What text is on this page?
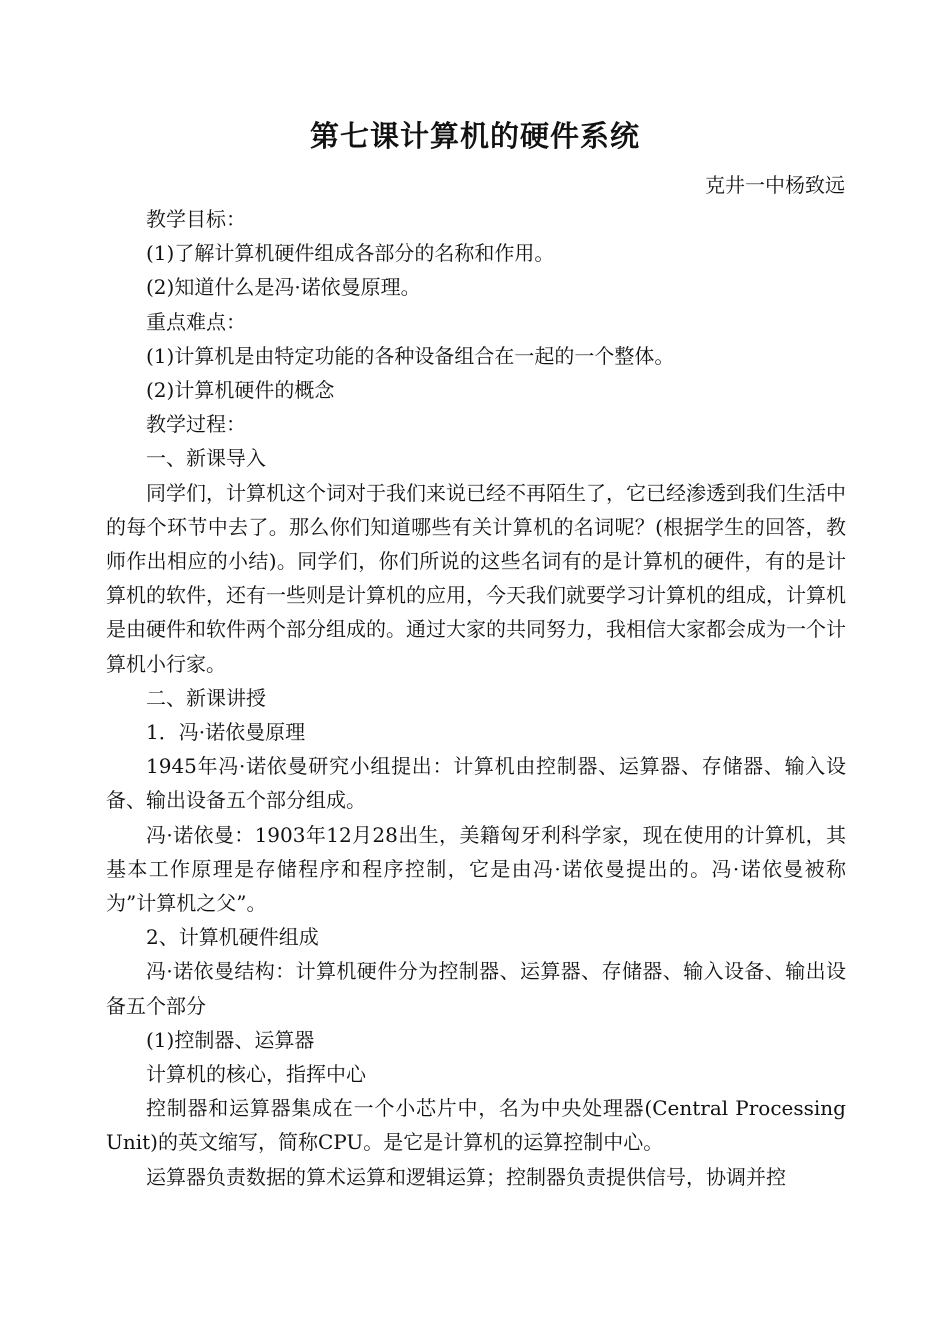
第七课计算机的硬件系统
克井一中杨致远

教学目标：

(1)了解计算机硬件组成各部分的名称和作用。

(2)知道什么是冯·诺依曼原理。

重点难点：

(1)计算机是由特定功能的各种设备组合在一起的一个整体。

(2)计算机硬件的概念

教学过程：

一、新课导入

同学们，计算机这个词对于我们来说已经不再陌生了，它已经渗透到我们生活中的每个环节中去了。那么你们知道哪些有关计算机的名词呢？(根据学生的回答，教师作出相应的小结)。同学们，你们所说的这些名词有的是计算机的硬件，有的是计算机的软件，还有一些则是计算机的应用，今天我们就要学习计算机的组成，计算机是由硬件和软件两个部分组成的。通过大家的共同努力，我相信大家都会成为一个计算机小行家。

二、新课讲授

1．冯·诺依曼原理

1945年冯·诺依曼研究小组提出：计算机由控制器、运算器、存储器、输入设备、输出设备五个部分组成。

冯·诺依曼：1903年12月28出生，美籍匈牙利科学家，现在使用的计算机，其基本工作原理是存储程序和程序控制，它是由冯·诺依曼提出的。冯·诺依曼被称为”计算机之父”。

2、计算机硬件组成

冯·诺依曼结构：计算机硬件分为控制器、运算器、存储器、输入设备、输出设备五个部分

(1)控制器、运算器

计算机的核心，指挥中心

控制器和运算器集成在一个小芯片中，名为中央处理器(Central Processing Unit)的英文缩写，简称CPU。是它是计算机的运算控制中心。

运算器负责数据的算术运算和逻辑运算；控制器负责提供信号，协调并控
